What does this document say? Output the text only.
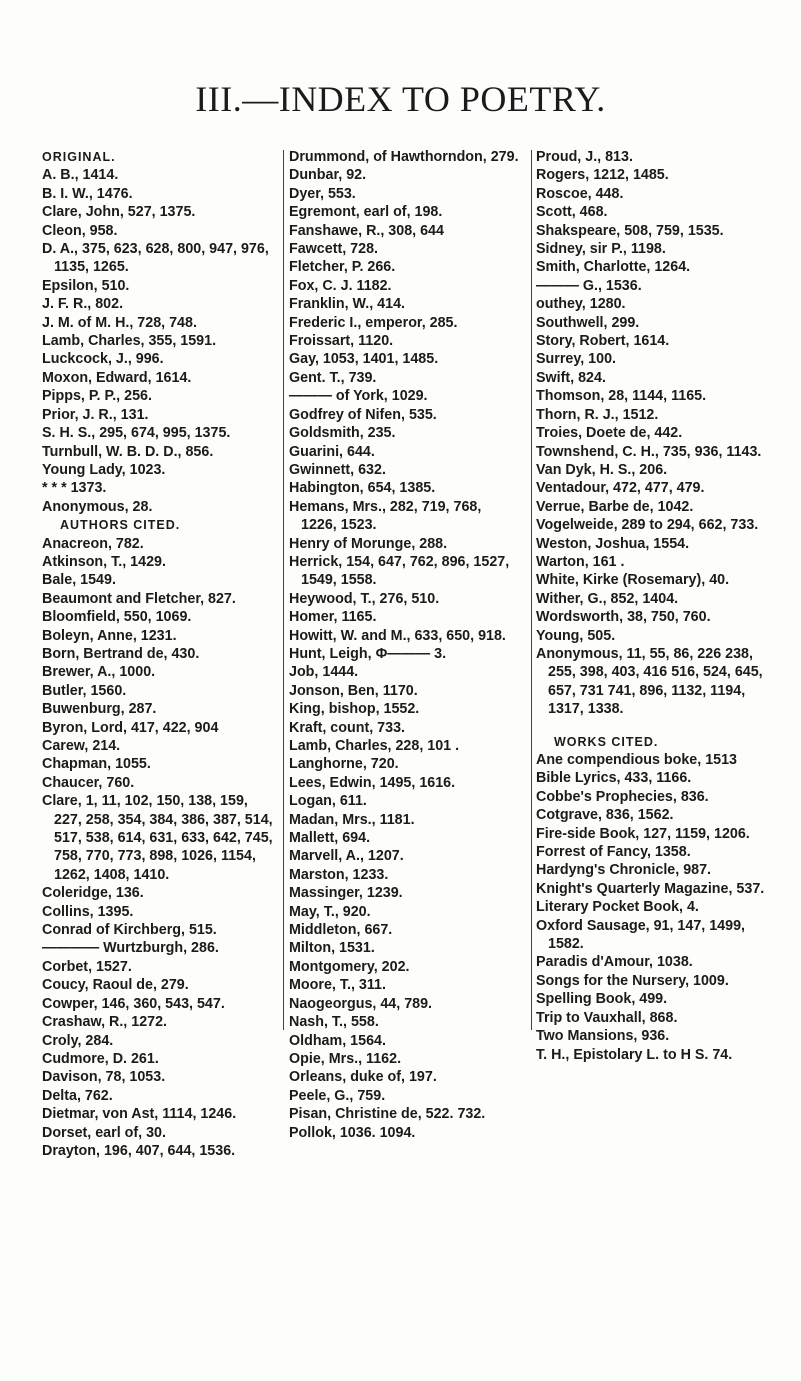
III.—INDEX TO POETRY.
ORIGINAL.
A. B., 1414.
B. I. W., 1476.
Clare, John, 527, 1375.
Cleon, 958.
D. A., 375, 623, 628, 800, 947, 976, 1135, 1265.
Epsilon, 510.
J. F. R., 802.
J. M. of M. H., 728, 748.
Lamb, Charles, 355, 1591.
Luckcock, J., 996.
Moxon, Edward, 1614.
Pipps, P. P., 256.
Prior, J. R., 131.
S. H. S., 295, 674, 995, 1375.
Turnbull, W. B. D. D., 856.
Young Lady, 1023.
* * * 1373.
Anonymous, 28.
AUTHORS CITED.
Anacreon, 782.
Atkinson, T., 1429.
Bale, 1549.
Beaumont and Fletcher, 827.
Bloomfield, 550, 1069.
Boleyn, Anne, 1231.
Born, Bertrand de, 430.
Brewer, A., 1000.
Butler, 1560.
Buwenburg, 287.
Byron, Lord, 417, 422, 904
Carew, 214.
Chapman, 1055.
Chaucer, 760.
Clare, 1, 11, 102, 150, 138, 159, 227, 258, 354, 384, 386, 387, 514, 517, 538, 614, 631, 633, 642, 745, 758, 770, 773, 898, 1026, 1154, 1262, 1408, 1410.
Coleridge, 136.
Collins, 1395.
Conrad of Kirchberg, 515.
———— Wurtzburgh, 286.
Corbet, 1527.
Coucy, Raoul de, 279.
Cowper, 146, 360, 543, 547.
Crashaw, R., 1272.
Croly, 284.
Cudmore, D. 261.
Davison, 78, 1053.
Delta, 762.
Dietmar, von Ast, 1114, 1246.
Dorset, earl of, 30.
Drayton, 196, 407, 644, 1536.
Drummond, of Hawthorndon, 279.
Dunbar, 92.
Dyer, 553.
Egremont, earl of, 198.
Fanshawe, R., 308, 644
Fawcett, 728.
Fletcher, P. 266.
Fox, C. J. 1182.
Franklin, W., 414.
Frederic I., emperor, 285.
Froissart, 1120.
Gay, 1053, 1401, 1485.
Gent. T., 739.
——— of York, 1029.
Godfrey of Nifen, 535.
Goldsmith, 235.
Guarini, 644.
Gwinnett, 632.
Habington, 654, 1385.
Hemans, Mrs., 282, 719, 768, 1226, 1523.
Henry of Morunge, 288.
Herrick, 154, 647, 762, 896, 1527, 1549, 1558.
Heywood, T., 276, 510.
Homer, 1165.
Howitt, W. and M., 633, 650, 918.
Hunt, Leigh, Φ——— 3.
Job, 1444.
Jonson, Ben, 1170.
King, bishop, 1552.
Kraft, count, 733.
Lamb, Charles, 228, 101 .
Langhorne, 720.
Lees, Edwin, 1495, 1616.
Logan, 611.
Madan, Mrs., 1181.
Mallett, 694.
Marvell, A., 1207.
Marston, 1233.
Massinger, 1239.
May, T., 920.
Middleton, 667.
Milton, 1531.
Montgomery, 202.
Moore, T., 311.
Naogeorgus, 44, 789.
Nash, T., 558.
Oldham, 1564.
Opie, Mrs., 1162.
Orleans, duke of, 197.
Peele, G., 759.
Pisan, Christine de, 522. 732.
Pollok, 1036. 1094.
Proud, J., 813.
Rogers, 1212, 1485.
Roscoe, 448.
Scott, 468.
Shakspeare, 508, 759, 1535.
Sidney, sir P., 1198.
Smith, Charlotte, 1264.
——— G., 1536.
outhey, 1280.
Southwell, 299.
Story, Robert, 1614.
Surrey, 100.
Swift, 824.
Thomson, 28, 1144, 1165.
Thorn, R. J., 1512.
Troies, Doete de, 442.
Townshend, C. H., 735, 936, 1143.
Van Dyk, H. S., 206.
Ventadour, 472, 477, 479.
Verrue, Barbe de, 1042.
Vogelweide, 289 to 294, 662, 733.
Weston, Joshua, 1554.
Warton, 161 .
White, Kirke (Rosemary), 40.
Wither, G., 852, 1404.
Wordsworth, 38, 750, 760.
Young, 505.
Anonymous, 11, 55, 86, 226 238, 255, 398, 403, 416 516, 524, 645, 657, 731 741, 896, 1132, 1194, 1317, 1338.
WORKS CITED.
Ane compendious boke, 1513
Bible Lyrics, 433, 1166.
Cobbe's Prophecies, 836.
Cotgrave, 836, 1562.
Fire-side Book, 127, 1159, 1206.
Forrest of Fancy, 1358.
Hardyng's Chronicle, 987.
Knight's Quarterly Magazine, 537.
Literary Pocket Book, 4.
Oxford Sausage, 91, 147, 1499, 1582.
Paradis d'Amour, 1038.
Songs for the Nursery, 1009.
Spelling Book, 499.
Trip to Vauxhall, 868.
Two Mansions, 936.
T. H., Epistolary L. to H S. 74.
